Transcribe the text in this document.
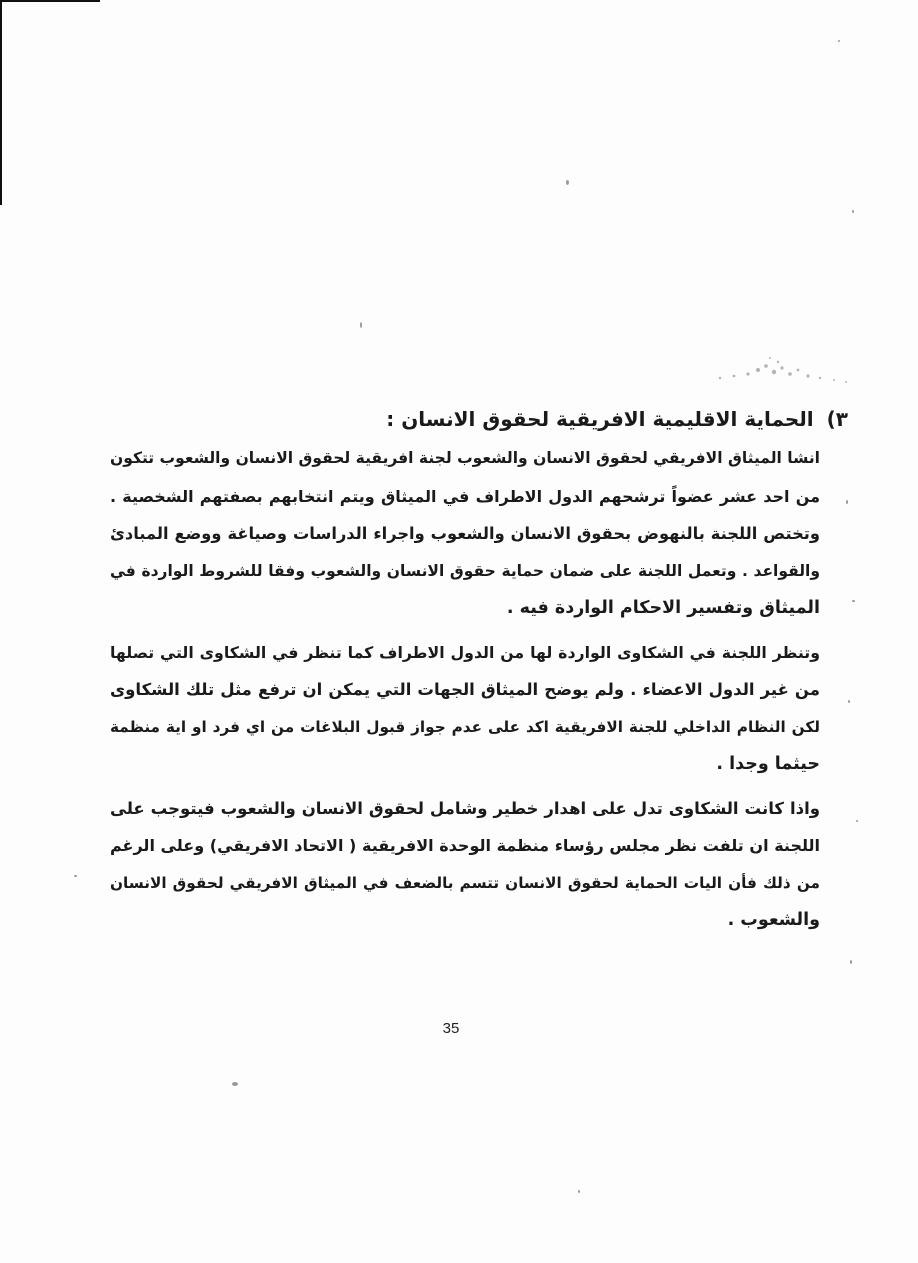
٣) الحماية الاقليمية الافريقية لحقوق الانسان :

انشا الميثاق الافريقي لحقوق الانسان والشعوب لجنة افريقية لحقوق الانسان والشعوب تتكون
من احد عشر عضواً ترشحهم الدول الاطراف في الميثاق ويتم انتخابهم بصفتهم الشخصية .
وتختص اللجنة بالنهوض بحقوق الانسان والشعوب واجراء الدراسات وصياغة ووضع المبادئ
والقواعد . وتعمل اللجنة على ضمان حماية حقوق الانسان والشعوب وفقا للشروط الواردة في
الميثاق وتفسير الاحكام الواردة فيه .

وتنظر اللجنة في الشكاوى الواردة لها من الدول الاطراف كما تنظر في الشكاوى التي تصلها
من غير الدول الاعضاء . ولم يوضح الميثاق الجهات التي يمكن ان ترفع مثل تلك الشكاوى
لكن النظام الداخلي للجنة الافريقية اكد على عدم جواز قبول البلاغات من اي فرد او اية منظمة
حيثما وجدا .

واذا كانت الشكاوى تدل على اهدار خطير وشامل لحقوق الانسان والشعوب فيتوجب على
اللجنة ان تلفت نظر مجلس رؤساء منظمة الوحدة الافريقية ( الاتحاد الافريقي) وعلى الرغم
من ذلك فأن اليات الحماية لحقوق الانسان تتسم بالضعف في الميثاق الافريقي لحقوق الانسان
والشعوب .

35
